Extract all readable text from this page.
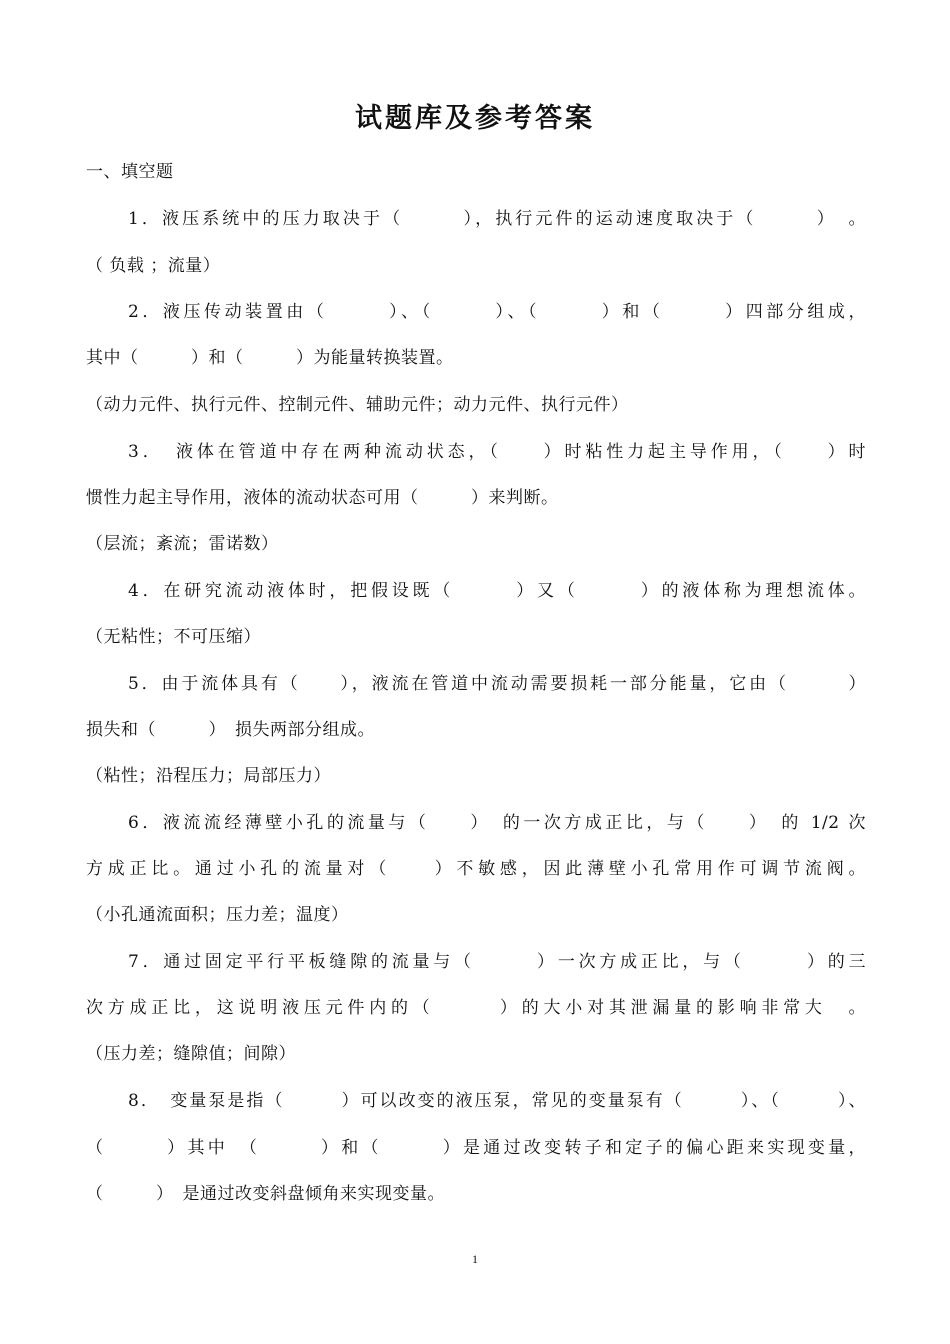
试题库及参考答案
一、填空题
1．液压系统中的压力取决于（　　　），执行元件的运动速度取决于（　　　）　。
（ 负载 ；流量）
2．液压传动装置由（　　　）、（　　　）、（　　　）和（　　　）四部分组成，
其中（　　　）和（　　　）为能量转换装置。
（动力元件、执行元件、控制元件、辅助元件；动力元件、执行元件）
3．　液体在管道中存在两种流动状态，（　　）时粘性力起主导作用，（　　）时
惯性力起主导作用，液体的流动状态可用（　　　）来判断。
（层流；紊流；雷诺数）
4．在研究流动液体时，把假设既（　　　）又（　　　）的液体称为理想流体。
（无粘性；不可压缩）
5．由于流体具有（　　），液流在管道中流动需要损耗一部分能量，它由（　　　）
损失和（　　　）　损失两部分组成。
（粘性；沿程压力；局部压力）
6．液流流经薄壁小孔的流量与（　　）　的一次方成正比，与（　　）　的 1/2 次
方成正比。通过小孔的流量对（　　）不敏感，因此薄壁小孔常用作可调节流阀。
（小孔通流面积；压力差；温度）
7．通过固定平行平板缝隙的流量与（　　　）一次方成正比，与（　　　）的三
次方成正比，这说明液压元件内的（　　　）的大小对其泄漏量的影响非常大　。
（压力差；缝隙值；间隙）
8．　变量泵是指（　　　）可以改变的液压泵，常见的变量泵有（　　　）、（　　　）、
（　　　）其中　（　　　）和（　　　）是通过改变转子和定子的偏心距来实现变量，
（　　　）　是通过改变斜盘倾角来实现变量。
1
